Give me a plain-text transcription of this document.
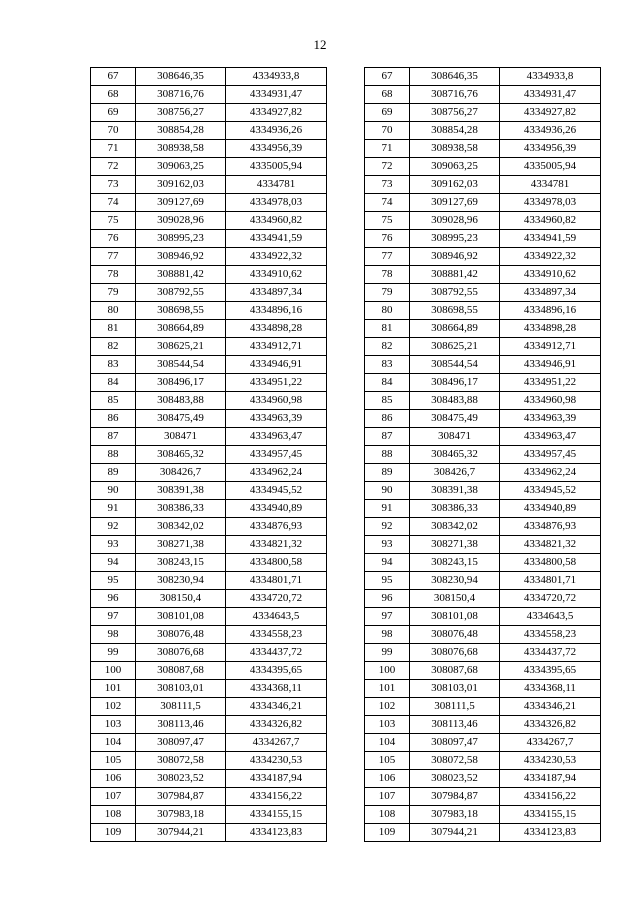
12
67	308646,35	4334933,8
68	308716,76	4334931,47
69	308756,27	4334927,82
70	308854,28	4334936,26
71	308938,58	4334956,39
72	309063,25	4335005,94
73	309162,03	4334781
74	309127,69	4334978,03
75	309028,96	4334960,82
76	308995,23	4334941,59
77	308946,92	4334922,32
78	308881,42	4334910,62
79	308792,55	4334897,34
80	308698,55	4334896,16
81	308664,89	4334898,28
82	308625,21	4334912,71
83	308544,54	4334946,91
84	308496,17	4334951,22
85	308483,88	4334960,98
86	308475,49	4334963,39
87	308471	4334963,47
88	308465,32	4334957,45
89	308426,7	4334962,24
90	308391,38	4334945,52
91	308386,33	4334940,89
92	308342,02	4334876,93
93	308271,38	4334821,32
94	308243,15	4334800,58
95	308230,94	4334801,71
96	308150,4	4334720,72
97	308101,08	4334643,5
98	308076,48	4334558,23
99	308076,68	4334437,72
100	308087,68	4334395,65
101	308103,01	4334368,11
102	308111,5	4334346,21
103	308113,46	4334326,82
104	308097,47	4334267,7
105	308072,58	4334230,53
106	308023,52	4334187,94
107	307984,87	4334156,22
108	307983,18	4334155,15
109	307944,21	4334123,83
67	308646,35	4334933,8
68	308716,76	4334931,47
69	308756,27	4334927,82
70	308854,28	4334936,26
71	308938,58	4334956,39
72	309063,25	4335005,94
73	309162,03	4334781
74	309127,69	4334978,03
75	309028,96	4334960,82
76	308995,23	4334941,59
77	308946,92	4334922,32
78	308881,42	4334910,62
79	308792,55	4334897,34
80	308698,55	4334896,16
81	308664,89	4334898,28
82	308625,21	4334912,71
83	308544,54	4334946,91
84	308496,17	4334951,22
85	308483,88	4334960,98
86	308475,49	4334963,39
87	308471	4334963,47
88	308465,32	4334957,45
89	308426,7	4334962,24
90	308391,38	4334945,52
91	308386,33	4334940,89
92	308342,02	4334876,93
93	308271,38	4334821,32
94	308243,15	4334800,58
95	308230,94	4334801,71
96	308150,4	4334720,72
97	308101,08	4334643,5
98	308076,48	4334558,23
99	308076,68	4334437,72
100	308087,68	4334395,65
101	308103,01	4334368,11
102	308111,5	4334346,21
103	308113,46	4334326,82
104	308097,47	4334267,7
105	308072,58	4334230,53
106	308023,52	4334187,94
107	307984,87	4334156,22
108	307983,18	4334155,15
109	307944,21	4334123,83
